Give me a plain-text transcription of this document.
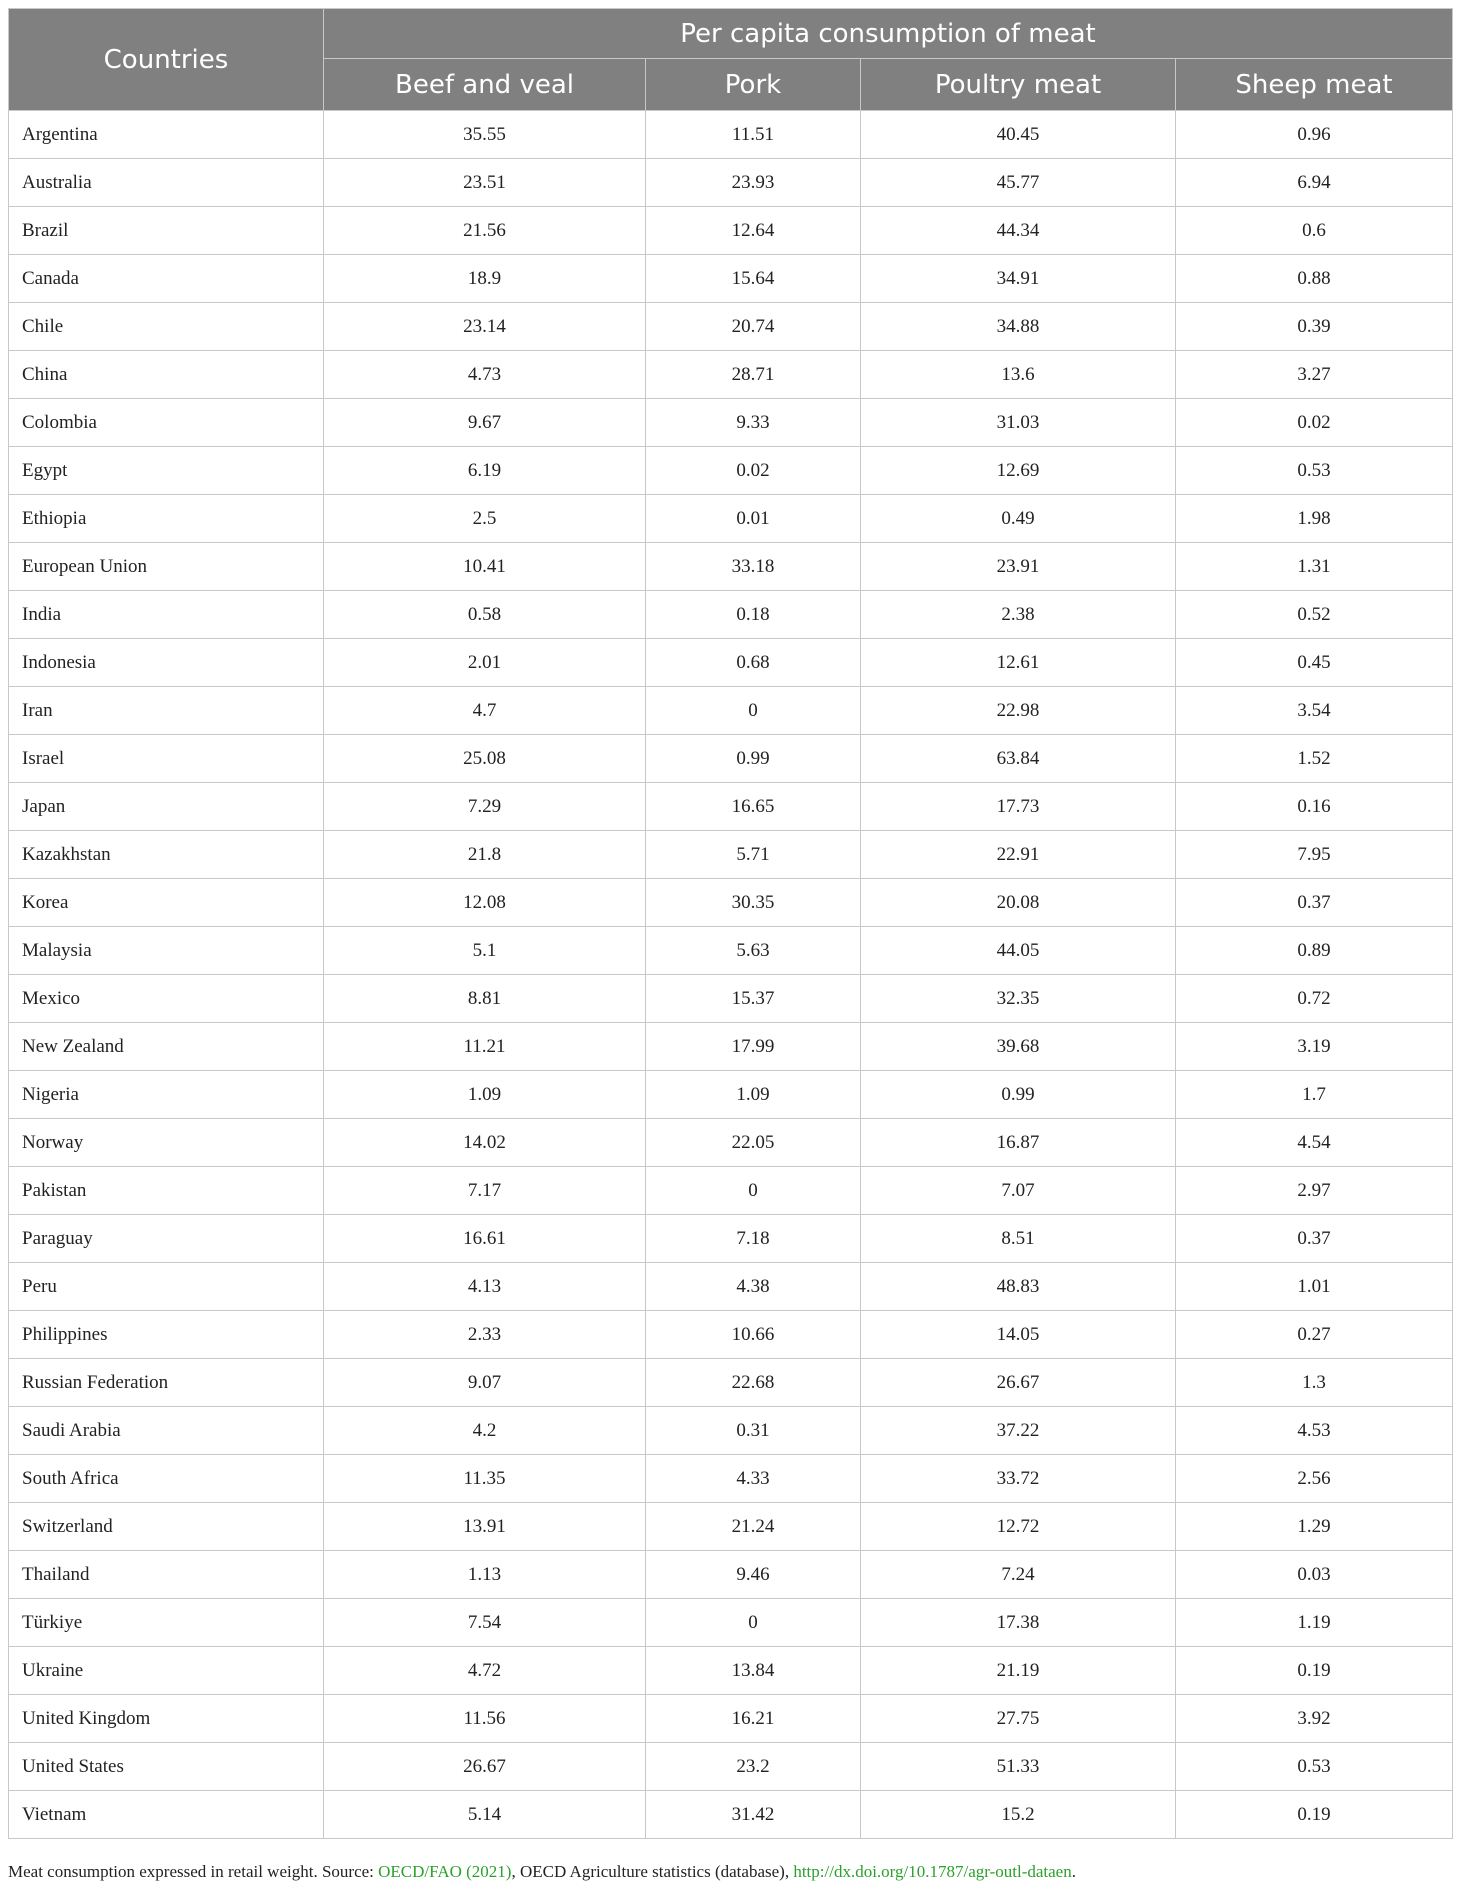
Countries	Per capita consumption of meat			
	Beef and veal	Pork	Poultry meat	Sheep meat
Argentina	35.55	11.51	40.45	0.96
Australia	23.51	23.93	45.77	6.94
Brazil	21.56	12.64	44.34	0.6
Canada	18.9	15.64	34.91	0.88
Chile	23.14	20.74	34.88	0.39
China	4.73	28.71	13.6	3.27
Colombia	9.67	9.33	31.03	0.02
Egypt	6.19	0.02	12.69	0.53
Ethiopia	2.5	0.01	0.49	1.98
European Union	10.41	33.18	23.91	1.31
India	0.58	0.18	2.38	0.52
Indonesia	2.01	0.68	12.61	0.45
Iran	4.7	0	22.98	3.54
Israel	25.08	0.99	63.84	1.52
Japan	7.29	16.65	17.73	0.16
Kazakhstan	21.8	5.71	22.91	7.95
Korea	12.08	30.35	20.08	0.37
Malaysia	5.1	5.63	44.05	0.89
Mexico	8.81	15.37	32.35	0.72
New Zealand	11.21	17.99	39.68	3.19
Nigeria	1.09	1.09	0.99	1.7
Norway	14.02	22.05	16.87	4.54
Pakistan	7.17	0	7.07	2.97
Paraguay	16.61	7.18	8.51	0.37
Peru	4.13	4.38	48.83	1.01
Philippines	2.33	10.66	14.05	0.27
Russian Federation	9.07	22.68	26.67	1.3
Saudi Arabia	4.2	0.31	37.22	4.53
South Africa	11.35	4.33	33.72	2.56
Switzerland	13.91	21.24	12.72	1.29
Thailand	1.13	9.46	7.24	0.03
Türkiye	7.54	0	17.38	1.19
Ukraine	4.72	13.84	21.19	0.19
United Kingdom	11.56	16.21	27.75	3.92
United States	26.67	23.2	51.33	0.53
Vietnam	5.14	31.42	15.2	0.19
Meat consumption expressed in retail weight. Source: OECD/FAO (2021), OECD Agriculture statistics (database), http://dx.doi.org/10.1787/agr-outl-dataen.
